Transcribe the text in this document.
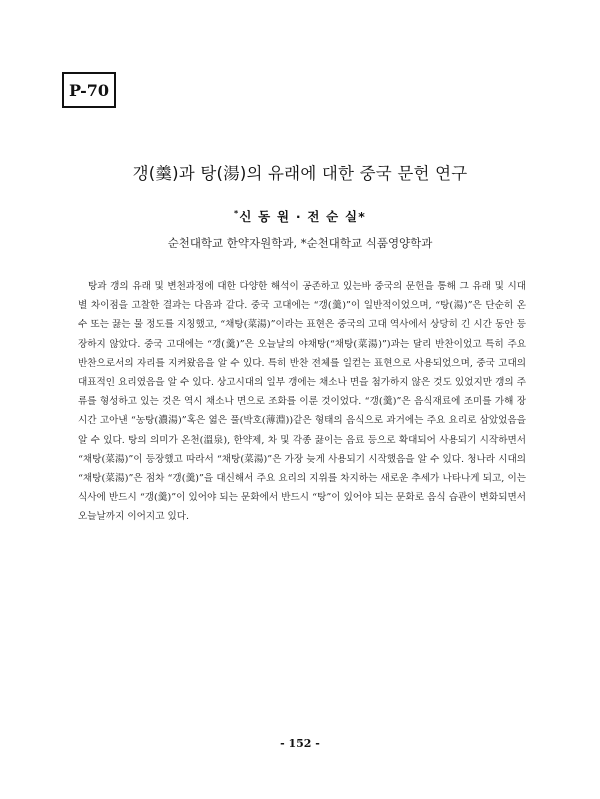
P-70
갱(羹)과 탕(湯)의 유래에 대한 중국 문헌 연구
*신 동 원 · 전 순 실*
순천대학교 한약자원학과, *순천대학교 식품영양학과

탕과 갱의 유래 및 변천과정에 대한 다양한 해석이 공존하고 있는바 중국의 문헌을 통해 그 유래 및 시대별 차이점을 고찰한 결과는 다음과 같다. 중국 고대에는 “갱(羹)”이 일반적이었으며, “탕(湯)”은 단순히 온수 또는 끓는 물 정도를 지칭했고, “채탕(菜湯)”이라는 표현은 중국의 고대 역사에서 상당히 긴 시간 동안 등장하지 않았다. 중국 고대에는 “갱(羹)”은 오늘날의 야채탕(“채탕(菜湯)”)과는 달리 반찬이었고 특히 주요 반찬으로서의 자리를 지켜왔음을 알 수 있다. 특히 반찬 전체를 일컫는 표현으로 사용되었으며, 중국 고대의 대표적인 요리였음을 알 수 있다. 상고시대의 일부 갱에는 채소나 면을 첨가하지 않은 것도 있었지만 갱의 주류를 형성하고 있는 것은 역시 채소나 면으로 조화를 이룬 것이었다. “갱(羹)”은 음식재료에 조미를 가해 장시간 고아낸 “농탕(濃湯)”혹은 엷은 풀(박호(薄淵))같은 형태의 음식으로 과거에는 주요 요리로 삼았었음을 알 수 있다. 탕의 의미가 온천(溫泉), 한약제, 차 및 각종 끓이는 음료 등으로 확대되어 사용되기 시작하면서 “채탕(菜湯)”이 등장했고 따라서 “채탕(菜湯)”은 가장 늦게 사용되기 시작했음을 알 수 있다. 청나라 시대의 “채탕(菜湯)”은 점차 “갱(羹)”을 대신해서 주요 요리의 지위를 차지하는 새로운 추세가 나타나게 되고, 이는 식사에 반드시 “갱(羹)”이 있어야 되는 문화에서 반드시 “탕”이 있어야 되는 문화로 음식 습관이 변화되면서 오늘날까지 이어지고 있다.

- 152 -
